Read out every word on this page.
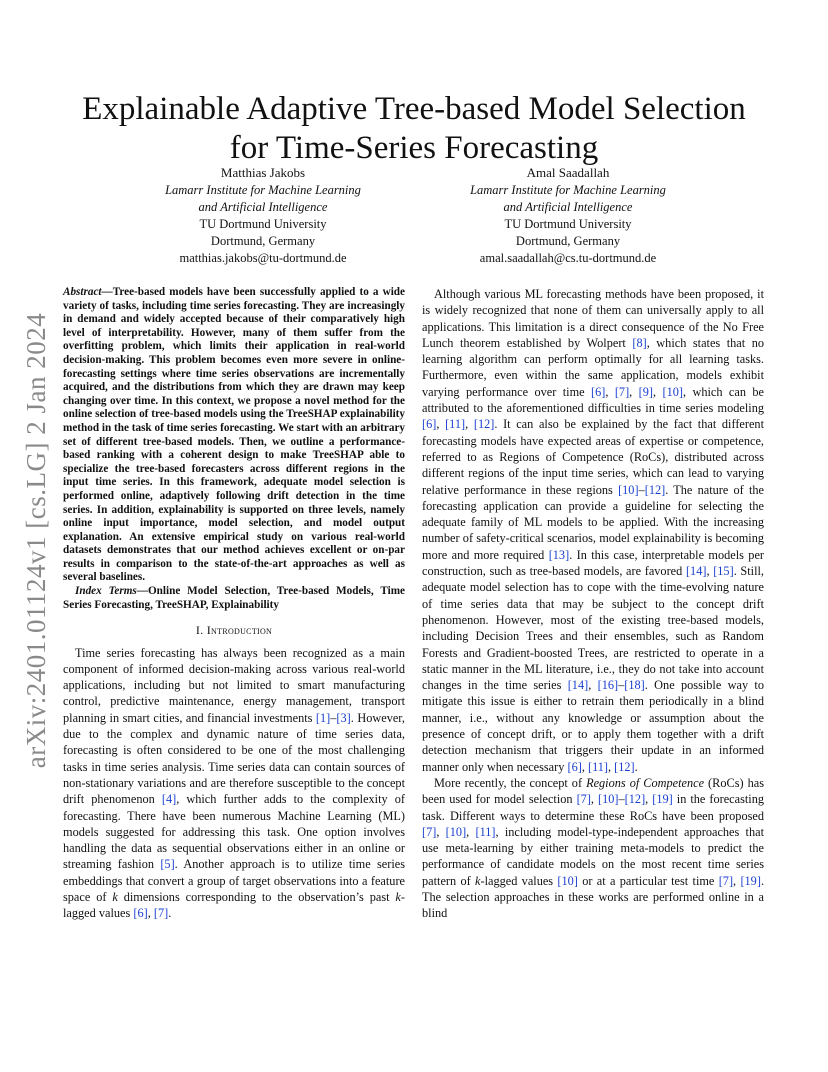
arXiv:2401.01124v1 [cs.LG] 2 Jan 2024
Explainable Adaptive Tree-based Model Selection for Time-Series Forecasting
Matthias Jakobs
Lamarr Institute for Machine Learning
and Artificial Intelligence
TU Dortmund University
Dortmund, Germany
matthias.jakobs@tu-dortmund.de
Amal Saadallah
Lamarr Institute for Machine Learning
and Artificial Intelligence
TU Dortmund University
Dortmund, Germany
amal.saadallah@cs.tu-dortmund.de

Abstract—Tree-based models have been successfully applied to a wide variety of tasks, including time series forecasting. They are increasingly in demand and widely accepted because of their comparatively high level of interpretability. However, many of them suffer from the overfitting problem, which limits their application in real-world decision-making. This problem becomes even more severe in online-forecasting settings where time series observations are incrementally acquired, and the distributions from which they are drawn may keep changing over time. In this context, we propose a novel method for the online selection of tree-based models using the TreeSHAP explainability method in the task of time series forecasting. We start with an arbitrary set of different tree-based models. Then, we outline a performance-based ranking with a coherent design to make TreeSHAP able to specialize the tree-based forecasters across different regions in the input time series. In this framework, adequate model selection is performed online, adaptively following drift detection in the time series. In addition, explainability is supported on three levels, namely online input importance, model selection, and model output explanation. An extensive empirical study on various real-world datasets demonstrates that our method achieves excellent or on-par results in comparison to the state-of-the-art approaches as well as several baselines.

Index Terms—Online Model Selection, Tree-based Models, Time Series Forecasting, TreeSHAP, Explainability

I. Introduction

Time series forecasting has always been recognized as a main component of informed decision-making across various real-world applications, including but not limited to smart manufacturing control, predictive maintenance, energy management, transport planning in smart cities, and financial investments [1]–[3]. However, due to the complex and dynamic nature of time series data, forecasting is often considered to be one of the most challenging tasks in time series analysis. Time series data can contain sources of non-stationary variations and are therefore susceptible to the concept drift phenomenon [4], which further adds to the complexity of forecasting. There have been numerous Machine Learning (ML) models suggested for addressing this task. One option involves handling the data as sequential observations either in an online or streaming fashion [5]. Another approach is to utilize time series embeddings that convert a group of target observations into a feature space of k dimensions corresponding to the observation’s past k-lagged values [6], [7].

Although various ML forecasting methods have been proposed, it is widely recognized that none of them can universally apply to all applications. This limitation is a direct consequence of the No Free Lunch theorem established by Wolpert [8], which states that no learning algorithm can perform optimally for all learning tasks. Furthermore, even within the same application, models exhibit varying performance over time [6], [7], [9], [10], which can be attributed to the aforementioned difficulties in time series modeling [6], [11], [12]. It can also be explained by the fact that different forecasting models have expected areas of expertise or competence, referred to as Regions of Competence (RoCs), distributed across different regions of the input time series, which can lead to varying relative performance in these regions [10]–[12]. The nature of the forecasting application can provide a guideline for selecting the adequate family of ML models to be applied. With the increasing number of safety-critical scenarios, model explainability is becoming more and more required [13]. In this case, interpretable models per construction, such as tree-based models, are favored [14], [15]. Still, adequate model selection has to cope with the time-evolving nature of time series data that may be subject to the concept drift phenomenon. However, most of the existing tree-based models, including Decision Trees and their ensembles, such as Random Forests and Gradient-boosted Trees, are restricted to operate in a static manner in the ML literature, i.e., they do not take into account changes in the time series [14], [16]–[18]. One possible way to mitigate this issue is either to retrain them periodically in a blind manner, i.e., without any knowledge or assumption about the presence of concept drift, or to apply them together with a drift detection mechanism that triggers their update in an informed manner only when necessary [6], [11], [12].

More recently, the concept of Regions of Competence (RoCs) has been used for model selection [7], [10]–[12], [19] in the forecasting task. Different ways to determine these RoCs have been proposed [7], [10], [11], including model-type-independent approaches that use meta-learning by either training meta-models to predict the performance of candidate models on the most recent time series pattern of k-lagged values [10] or at a particular test time [7], [19]. The selection approaches in these works are performed online in a blind
